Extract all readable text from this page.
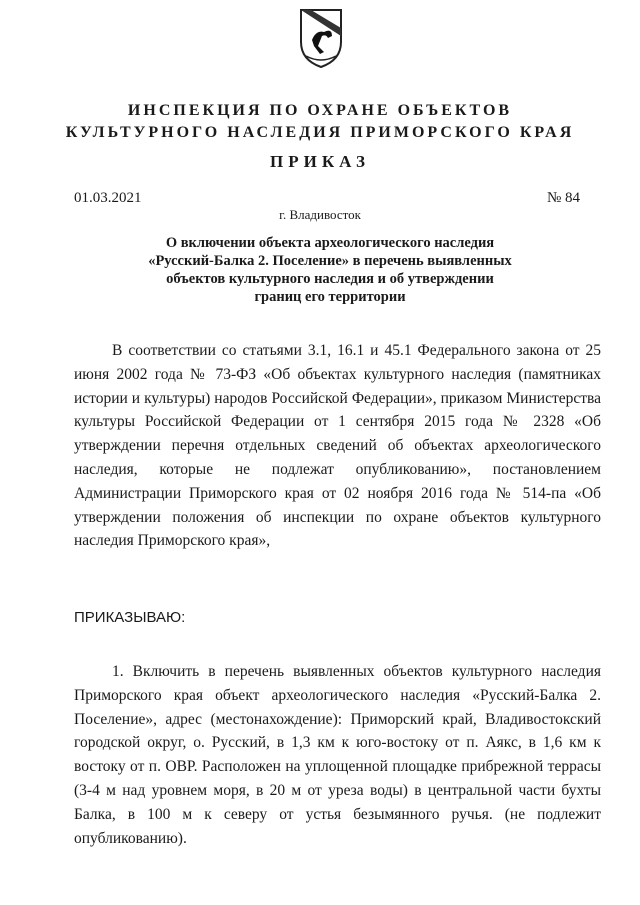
ИНСПЕКЦИЯ ПО ОХРАНЕ ОБЪЕКТОВ
КУЛЬТУРНОГО НАСЛЕДИЯ ПРИМОРСКОГО КРАЯ
ПРИКАЗ
01.03.2021	№ 84
г. Владивосток
О включении объекта археологического наследия
«Русский-Балка 2. Поселение» в перечень выявленных
объектов культурного наследия и об утверждении
границ его территории
В соответствии со статьями 3.1, 16.1 и 45.1 Федерального закона от 25 июня 2002 года № 73-ФЗ «Об объектах культурного наследия (памятниках истории и культуры) народов Российской Федерации», приказом Министерства культуры Российской Федерации от 1 сентября 2015 года № 2328 «Об утверждении перечня отдельных сведений об объектах археологического наследия, которые не подлежат опубликованию», постановлением Администрации Приморского края от 02 ноября 2016 года № 514-па «Об утверждении положения об инспекции по охране объектов культурного наследия Приморского края»,
ПРИКАЗЫВАЮ:
1. Включить в перечень выявленных объектов культурного наследия Приморского края объект археологического наследия «Русский-Балка 2. Поселение», адрес (местонахождение): Приморский край, Владивостокский городской округ, о. Русский, в 1,3 км к юго-востоку от п. Аякс, в 1,6 км к востоку от п. ОВР. Расположен на уплощенной площадке прибрежной террасы (3-4 м над уровнем моря, в 20 м от уреза воды) в центральной части бухты Балка, в 100 м к северу от устья безымянного ручья. (не подлежит опубликованию).
